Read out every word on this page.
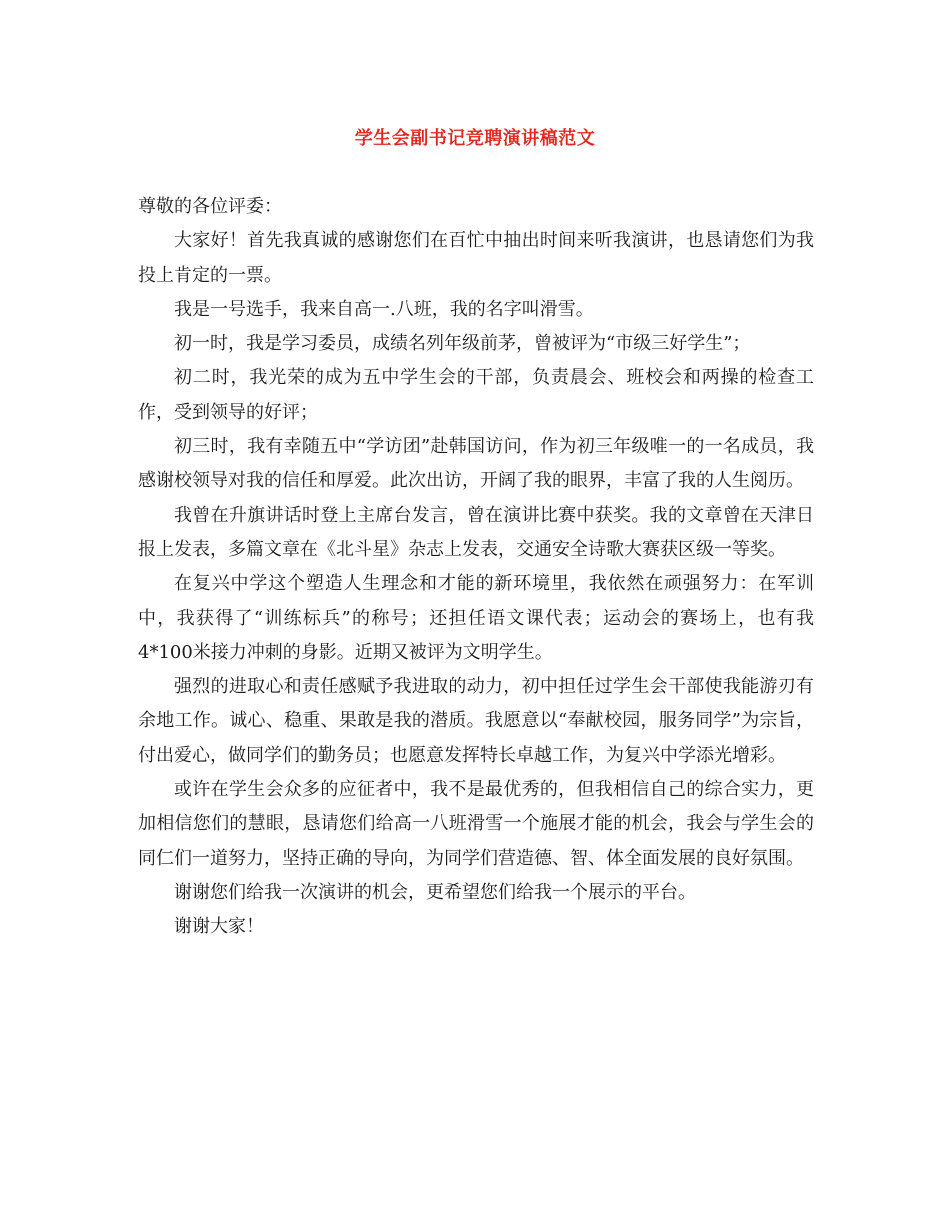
学生会副书记竞聘演讲稿范文

尊敬的各位评委：

大家好！首先我真诚的感谢您们在百忙中抽出时间来听我演讲，也恳请您们为我投上肯定的一票。

我是一号选手，我来自高一.八班，我的名字叫滑雪。

初一时，我是学习委员，成绩名列年级前茅，曾被评为“市级三好学生”；

初二时，我光荣的成为五中学生会的干部，负责晨会、班校会和两操的检查工作，受到领导的好评；

初三时，我有幸随五中“学访团”赴韩国访问，作为初三年级唯一的一名成员，我感谢校领导对我的信任和厚爱。此次出访，开阔了我的眼界，丰富了我的人生阅历。

我曾在升旗讲话时登上主席台发言，曾在演讲比赛中获奖。我的文章曾在天津日报上发表，多篇文章在《北斗星》杂志上发表，交通安全诗歌大赛获区级一等奖。

在复兴中学这个塑造人生理念和才能的新环境里，我依然在顽强努力：在军训中，我获得了“训练标兵”的称号；还担任语文课代表；运动会的赛场上，也有我4*100米接力冲刺的身影。近期又被评为文明学生。

强烈的进取心和责任感赋予我进取的动力，初中担任过学生会干部使我能游刃有余地工作。诚心、稳重、果敢是我的潜质。我愿意以“奉献校园，服务同学”为宗旨，付出爱心，做同学们的勤务员；也愿意发挥特长卓越工作，为复兴中学添光增彩。

或许在学生会众多的应征者中，我不是最优秀的，但我相信自己的综合实力，更加相信您们的慧眼，恳请您们给高一八班滑雪一个施展才能的机会，我会与学生会的同仁们一道努力，坚持正确的导向，为同学们营造德、智、体全面发展的良好氛围。

谢谢您们给我一次演讲的机会，更希望您们给我一个展示的平台。

谢谢大家！
